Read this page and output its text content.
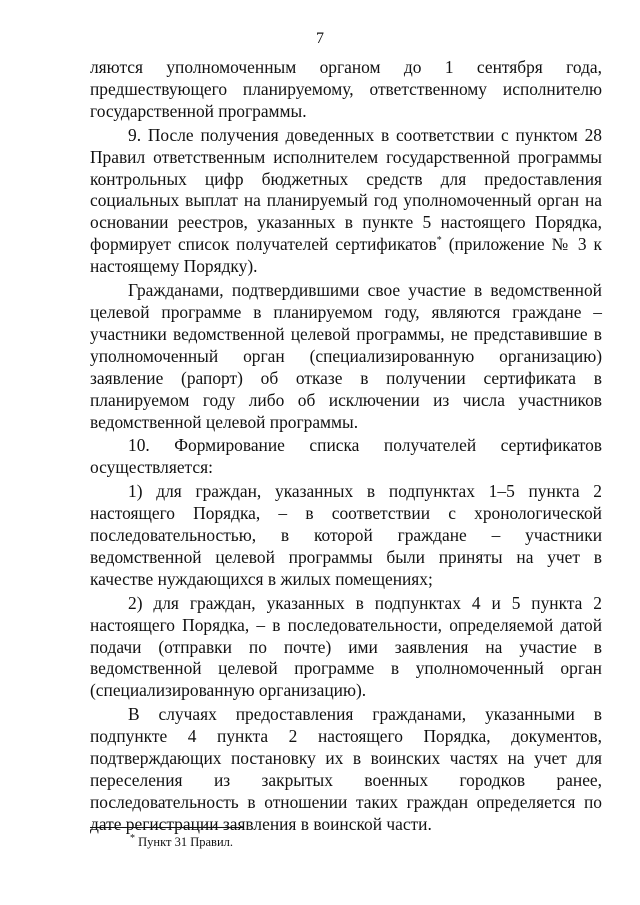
7

ляются уполномоченным органом до 1 сентября года, предшествующего планируемому, ответственному исполнителю государственной программы.

9. После получения доведенных в соответствии с пунктом 28 Правил ответственным исполнителем государственной программы контрольных цифр бюджетных средств для предоставления социальных выплат на планируемый год уполномоченный орган на основании реестров, указанных в пункте 5 настоящего Порядка, формирует список получателей сертификатов* (приложение № 3 к настоящему Порядку).

Гражданами, подтвердившими свое участие в ведомственной целевой программе в планируемом году, являются граждане – участники ведомственной целевой программы, не представившие в уполномоченный орган (специализированную организацию) заявление (рапорт) об отказе в получении сертификата в планируемом году либо об исключении из числа участников ведомственной целевой программы.

10. Формирование списка получателей сертификатов осуществляется:

1) для граждан, указанных в подпунктах 1–5 пункта 2 настоящего Порядка, – в соответствии с хронологической последовательностью, в которой граждане – участники ведомственной целевой программы были приняты на учет в качестве нуждающихся в жилых помещениях;

2) для граждан, указанных в подпунктах 4 и 5 пункта 2 настоящего Порядка, – в последовательности, определяемой датой подачи (отправки по почте) ими заявления на участие в ведомственной целевой программе в уполномоченный орган (специализированную организацию).

В случаях предоставления гражданами, указанными в подпункте 4 пункта 2 настоящего Порядка, документов, подтверждающих постановку их в воинских частях на учет для переселения из закрытых военных городков ранее, последовательность в отношении таких граждан определяется по дате регистрации заявления в воинской части.

* Пункт 31 Правил.
